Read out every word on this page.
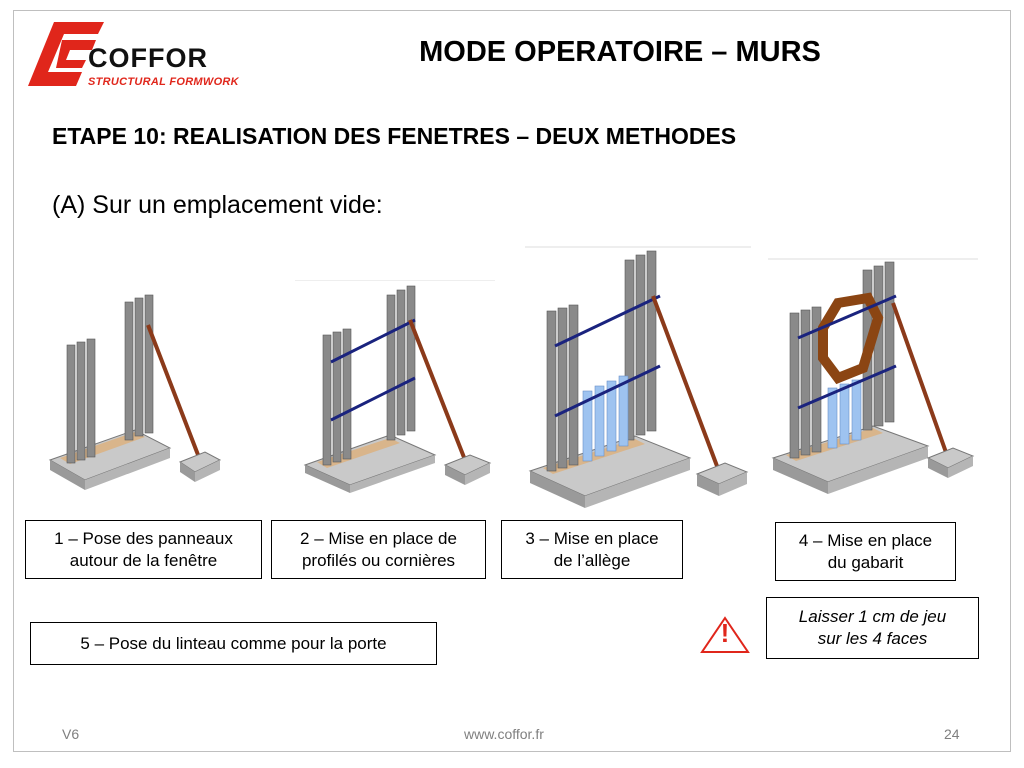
COFFOR
STRUCTURAL FORMWORK
MODE OPERATOIRE – MURS
ETAPE 10: REALISATION DES FENETRES – DEUX METHODES
(A) Sur un emplacement vide:
1 – Pose des panneaux
autour de la fenêtre
2 – Mise en place de
profilés ou cornières
3 – Mise en place
de l’allège
4 – Mise en place
du gabarit
5 – Pose du linteau comme pour la porte	!
Laisser 1 cm de jeu
sur les 4 faces
V6	www.coffor.fr	24
